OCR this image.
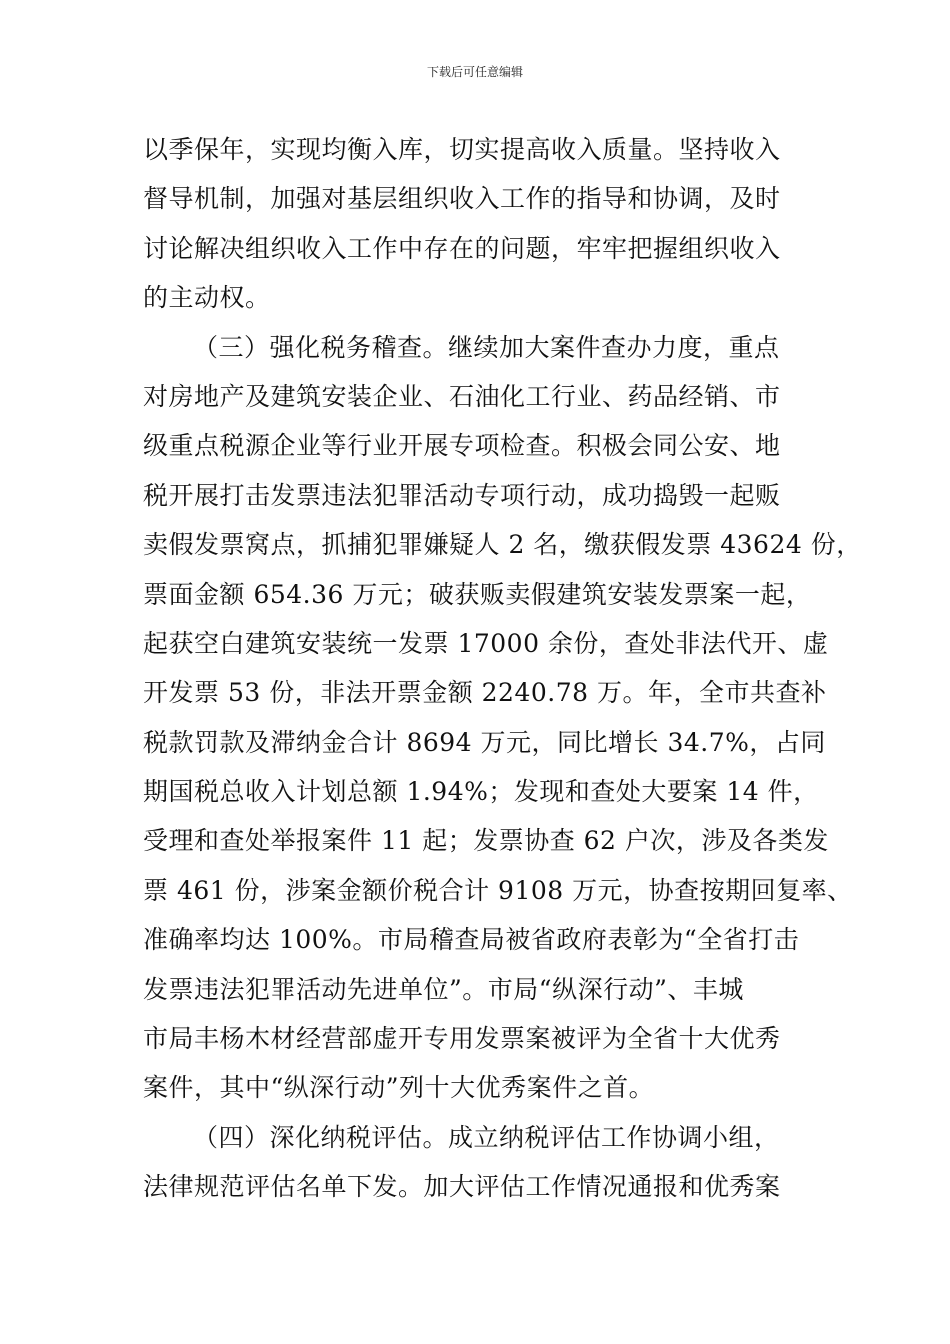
下载后可任意编辑
以季保年，实现均衡入库，切实提高收入质量。坚持收入
督导机制，加强对基层组织收入工作的指导和协调，及时
讨论解决组织收入工作中存在的问题，牢牢把握组织收入
的主动权。
（三）强化税务稽查。继续加大案件查办力度，重点
对房地产及建筑安装企业、石油化工行业、药品经销、市
级重点税源企业等行业开展专项检查。积极会同公安、地
税开展打击发票违法犯罪活动专项行动，成功捣毁一起贩
卖假发票窝点，抓捕犯罪嫌疑人 2 名，缴获假发票 43624 份，
票面金额 654.36 万元；破获贩卖假建筑安装发票案一起，
起获空白建筑安装统一发票 17000 余份，查处非法代开、虚
开发票 53 份，非法开票金额 2240.78 万。年，全市共查补
税款罚款及滞纳金合计 8694 万元，同比增长 34.7%，占同
期国税总收入计划总额 1.94%；发现和查处大要案 14 件，
受理和查处举报案件 11 起；发票协查 62 户次，涉及各类发
票 461 份，涉案金额价税合计 9108 万元，协查按期回复率、
准确率均达 100%。市局稽查局被省政府表彰为“全省打击
发票违法犯罪活动先进单位”。市局“纵深行动”、丰城
市局丰杨木材经营部虚开专用发票案被评为全省十大优秀
案件，其中“纵深行动”列十大优秀案件之首。
（四）深化纳税评估。成立纳税评估工作协调小组，
法律规范评估名单下发。加大评估工作情况通报和优秀案
